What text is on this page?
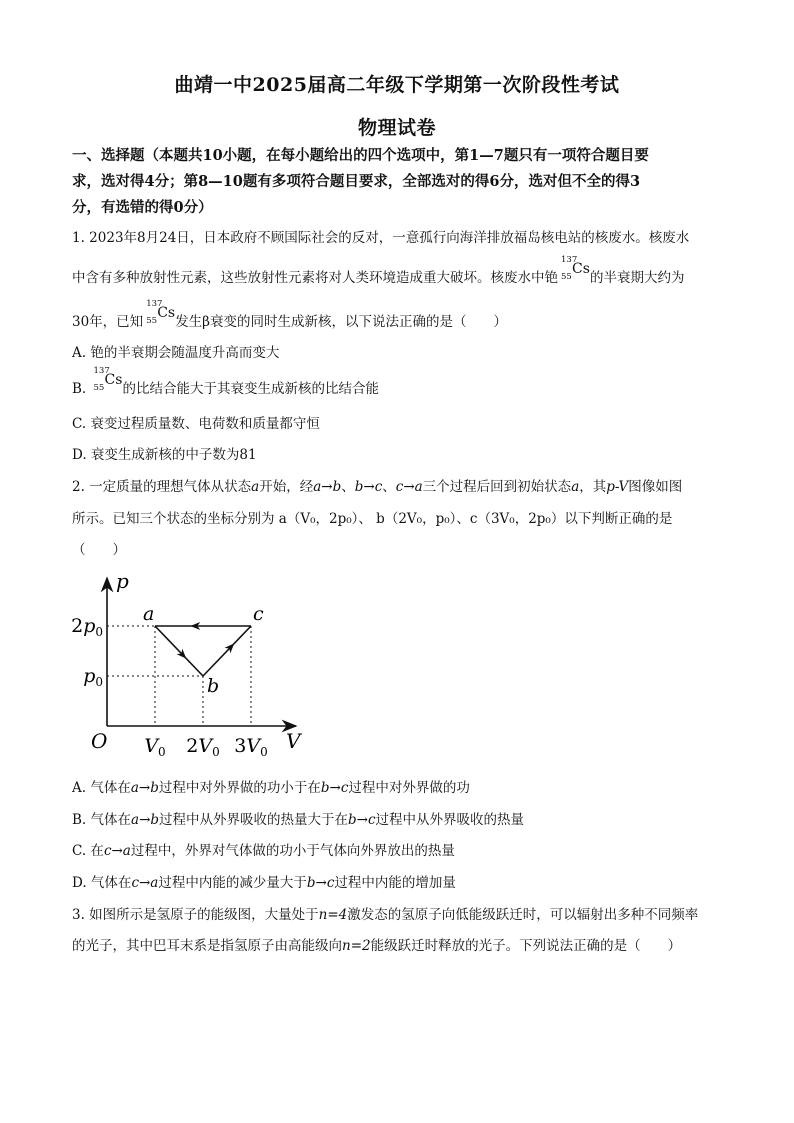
曲靖一中2025届高二年级下学期第一次阶段性考试
物理试卷
一、选择题（本题共10小题，在每小题给出的四个选项中，第1—7题只有一项符合题目要
求，选对得4分；第8—10题有多项符合题目要求，全部选对的得6分，选对但不全的得3
分，有选错的得0分）
1. 2023年8月24日，日本政府不顾国际社会的反对，一意孤行向海洋排放福岛核电站的核废水。核废水
中含有多种放射性元素，这些放射性元素将对人类环境造成重大破坏。核废水中铯
137
55 Cs
的半衰期大约为
30年，已知
137
55 Cs
发生β衰变的同时生成新核，以下说法正确的是（　　）
A. 铯的半衰期会随温度升高而变大
B.
137
55 Cs
的比结合能大于其衰变生成新核的比结合能
C. 衰变过程质量数、电荷数和质量都守恒
D. 衰变生成新核的中子数为81
2. 一定质量的理想气体从状态a开始，经a→b、b→c、c→a三个过程后回到初始状态a，其p-V图像如图
所示。已知三个状态的坐标分别为 a（V₀，2p₀）、 b（2V₀，p₀）、c（3V₀，2p₀）以下判断正确的是
（　　）
a
b
c
p
V
O $V_0$ $2V_0$ $3V_0$
$p_0$
$2p_0$
A. 气体在a→b过程中对外界做的功小于在b→c过程中对外界做的功
B. 气体在a→b过程中从外界吸收的热量大于在b→c过程中从外界吸收的热量
C. 在c→a过程中，外界对气体做的功小于气体向外界放出的热量
D. 气体在c→a过程中内能的减少量大于b→c过程中内能的增加量
3. 如图所示是氢原子的能级图，大量处于n=4激发态的氢原子向低能级跃迁时，可以辐射出多种不同频率
的光子，其中巴耳末系是指氢原子由高能级向n=2能级跃迁时释放的光子。下列说法正确的是（　　）
